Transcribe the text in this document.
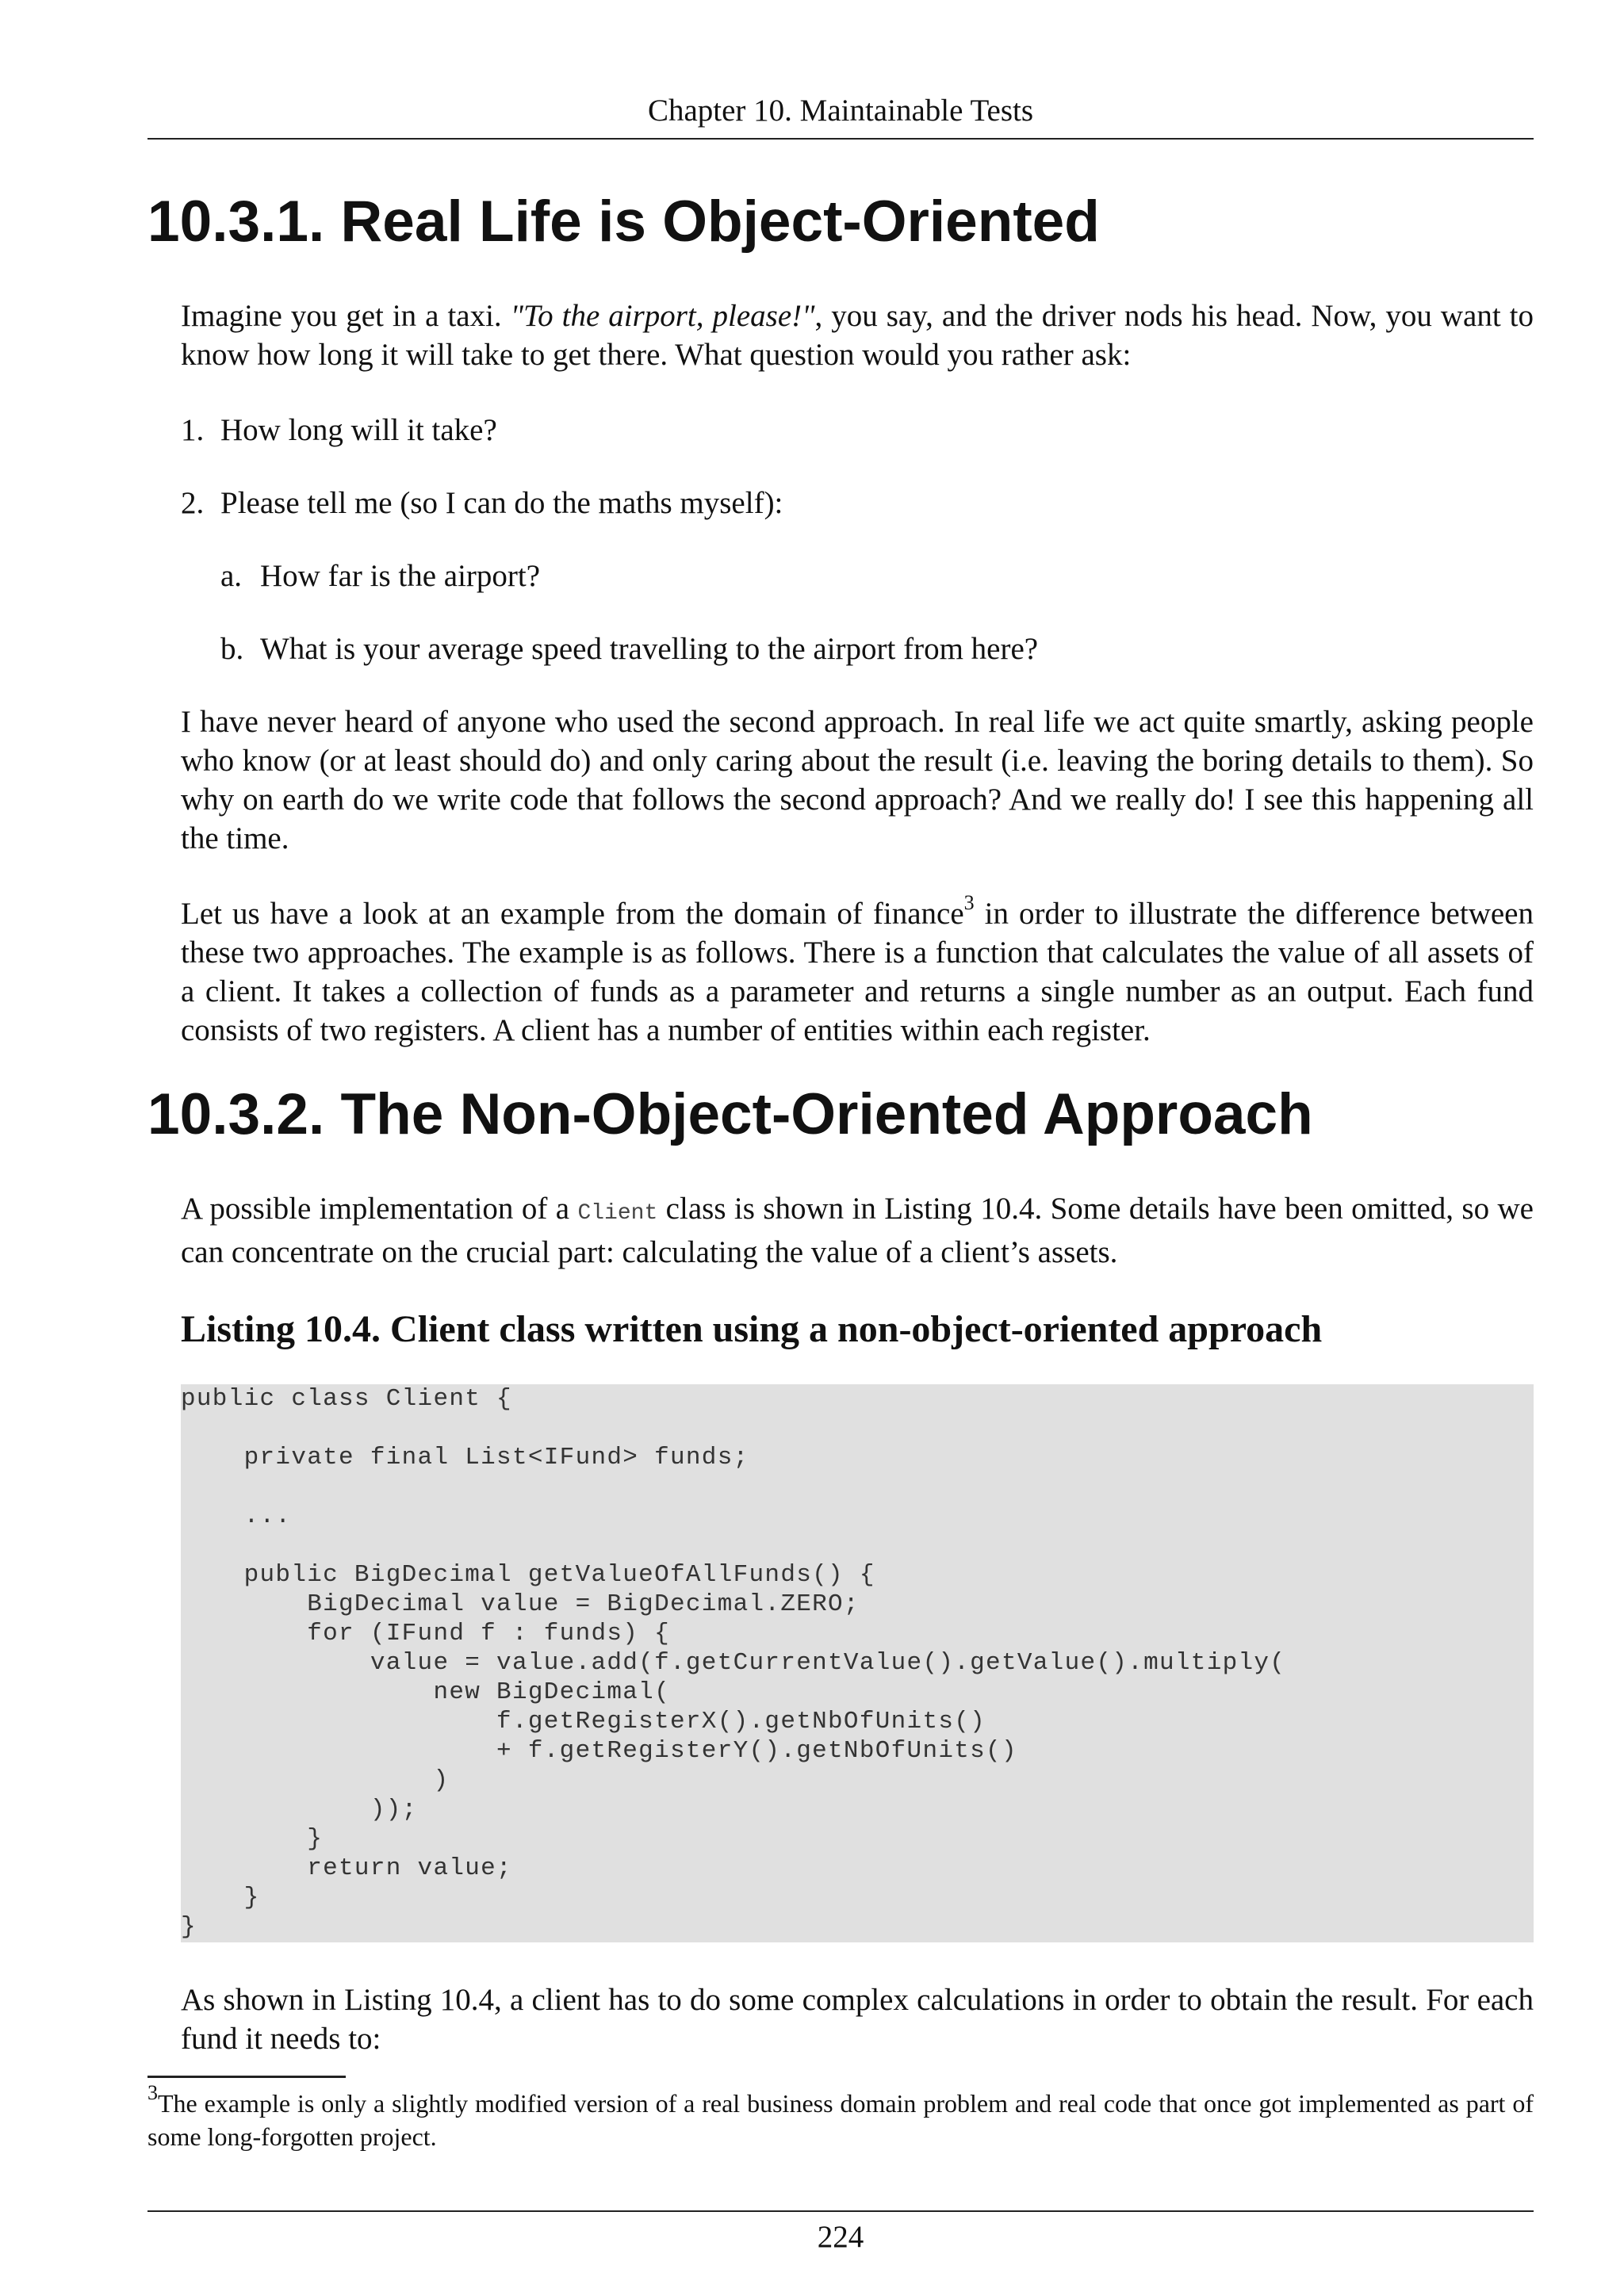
Chapter 10. Maintainable Tests
10.3.1. Real Life is Object-Oriented

Imagine you get in a taxi. "To the airport, please!", you say, and the driver nods his head. Now, you want to know how long it will take to get there. What question would you rather ask:

1. How long will it take?

2. Please tell me (so I can do the maths myself):

a. How far is the airport?

b. What is your average speed travelling to the airport from here?

I have never heard of anyone who used the second approach. In real life we act quite smartly, asking people who know (or at least should do) and only caring about the result (i.e. leaving the boring details to them). So why on earth do we write code that follows the second approach? And we really do! I see this happening all the time.

Let us have a look at an example from the domain of finance$^3$ in order to illustrate the difference between these two approaches. The example is as follows. There is a function that calculates the value of all assets of a client. It takes a collection of funds as a parameter and returns a single number as an output. Each fund consists of two registers. A client has a number of entities within each register.

10.3.2. The Non-Object-Oriented Approach

A possible implementation of a Client class is shown in Listing 10.4. Some details have been omitted, so we can concentrate on the crucial part: calculating the value of a client’s assets.

Listing 10.4. Client class written using a non-object-oriented approach
public class Client {

private final List<IFund> funds;

...

public BigDecimal getValueOfAllFunds() {
BigDecimal value = BigDecimal.ZERO;
for (IFund f : funds) {
value = value.add(f.getCurrentValue().getValue().multiply(
new BigDecimal(
f.getRegisterX().getNbOfUnits()
+ f.getRegisterY().getNbOfUnits()
)
));
}
return value;
}
}

As shown in Listing 10.4, a client has to do some complex calculations in order to obtain the result. For each fund it needs to:

$^3$The example is only a slightly modified version of a real business domain problem and real code that once got implemented as part of some long-forgotten project.

224
